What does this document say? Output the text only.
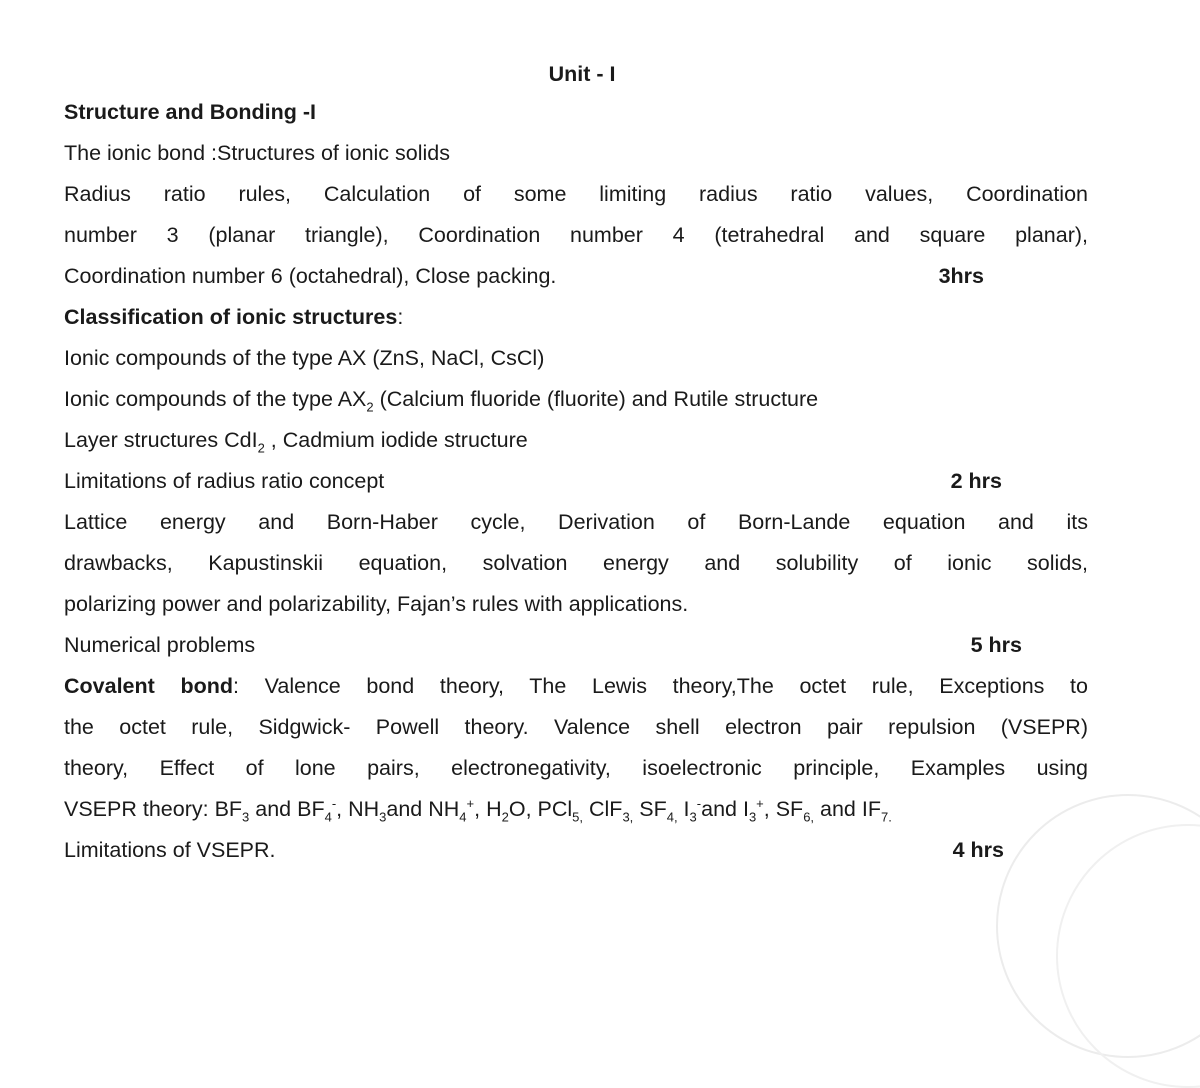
Unit - I
Structure and Bonding -I
The ionic bond :Structures of ionic solids
Radius ratio rules, Calculation of some limiting radius ratio values, Coordination
number 3 (planar triangle), Coordination number 4 (tetrahedral and square planar),
Coordination number 6 (octahedral), Close packing.	3hrs
Classification of ionic structures:
Ionic compounds of the type AX (ZnS, NaCl, CsCl)
Ionic compounds of the type $AX_2$ (Calcium fluoride (fluorite) and Rutile structure
Layer structures CdI$_2$ , Cadmium iodide structure
Limitations of radius ratio concept	2 hrs
Lattice energy and Born-Haber cycle, Derivation of Born-Lande equation and its
drawbacks, Kapustinskii equation, solvation energy and solubility of ionic solids,
polarizing power and polarizability, Fajan’s rules with applications.
Numerical problems	5 hrs
Covalent bond: Valence bond theory, The Lewis theory,The octet rule, Exceptions to
the octet rule, Sidgwick- Powell theory. Valence shell electron pair repulsion (VSEPR)
theory, Effect of lone pairs, electronegativity, isoelectronic principle, Examples using
VSEPR theory: $BF_3$ and $BF_4^-$, $NH_3and$ $NH_4^+$, $H_2O$, PCl$_{5,}$ ClF$_{3,}$ $SF_{4,}$ $I_3^-and$ $I_3^+$, $SF_{6,}$ and $IF_{7.}$
Limitations of VSEPR.	4 hrs
